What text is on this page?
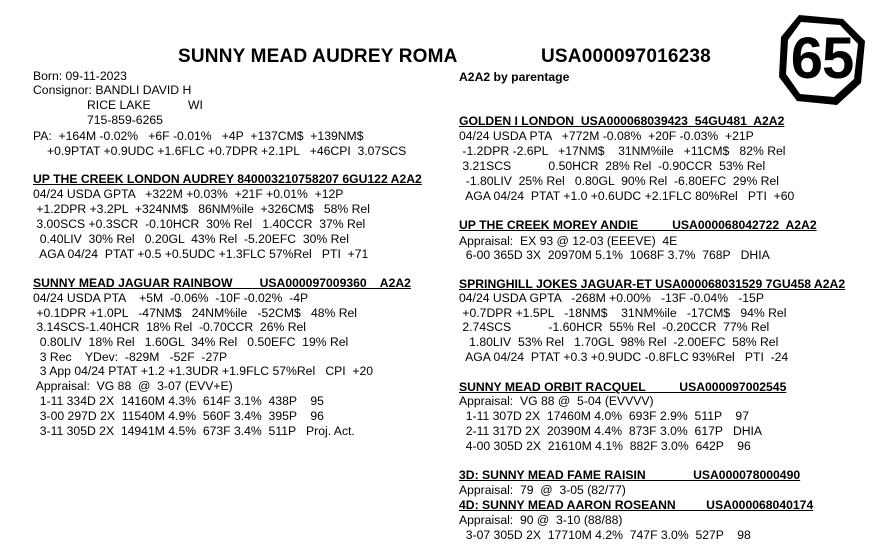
SUNNY MEAD AUDREY ROMA	USA000097016238 65
Born: 09-11-2023
Consignor: BANDLI DAVID H
RICE LAKE	WI
715-859-6265
PA:  +164M -0.02%   +6F -0.01%   +4P  +137CM$  +139NM$
+0.9PTAT +0.9UDC +1.6FLC +0.7DPR +2.1PL   +46CPI  3.07SCS
UP THE CREEK LONDON AUDREY 840003210758207 6GU122 A2A2
04/24 USDA GPTA   +322M +0.03%  +21F +0.01%  +12P
+1.2DPR +3.2PL  +324NM$   86NM%ile  +326CM$   58% Rel
3.00SCS +0.3SCR  -0.10HCR  30% Rel   1.40CCR  37% Rel
0.40LIV  30% Rel   0.20GL  43% Rel  -5.20EFC  30% Rel
AGA 04/24  PTAT +0.5 +0.5UDC +1.3FLC 57%Rel   PTI  +71
SUNNY MEAD JAGUAR RAINBOW        USA000097009360    A2A2
04/24 USDA PTA    +5M  -0.06%  -10F -0.02%  -4P
+0.1DPR +1.0PL   -47NM$   24NM%ile   -52CM$   48% Rel
3.14SCS-1.40HCR  18% Rel  -0.70CCR  26% Rel
0.80LIV  18% Rel   1.60GL  34% Rel   0.50EFC  19% Rel
3 Rec    YDev:  -829M   -52F  -27P
3 App 04/24 PTAT +1.2 +1.3UDR +1.9FLC 57%Rel   CPI  +20
Appraisal:  VG 88  @  3-07 (EVV+E)
1-11 334D 2X  14160M 4.3%  614F 3.1%  438P    95
3-00 297D 2X  11540M 4.9%  560F 3.4%  395P    96
3-11 305D 2X  14941M 4.5%  673F 3.4%  511P   Proj. Act.
A2A2 by parentage
GOLDEN I LONDON  USA000068039423  54GU481  A2A2
04/24 USDA PTA   +772M -0.08%  +20F -0.03%  +21P
-1.2DPR -2.6PL   +17NM$    31NM%ile   +11CM$   82% Rel
3.21SCS           0.50HCR  28% Rel  -0.90CCR  53% Rel
-1.80LIV  25% Rel   0.80GL  90% Rel  -6.80EFC  29% Rel
AGA 04/24  PTAT +1.0 +0.6UDC +2.1FLC 80%Rel   PTI  +60
UP THE CREEK MOREY ANDIE          USA000068042722  A2A2
Appraisal:  EX 93 @ 12-03 (EEEVE)  4E
6-00 365D 3X  20970M 5.1%  1068F 3.7%  768P   DHIA
SPRINGHILL JOKES JAGUAR-ET USA000068031529 7GU458 A2A2
04/24 USDA GPTA   -268M +0.00%   -13F -0.04%   -15P
+0.7DPR +1.5PL   -18NM$    31NM%ile   -17CM$   94% Rel
2.74SCS           -1.60HCR  55% Rel  -0.20CCR  77% Rel
1.80LIV  53% Rel   1.70GL  98% Rel  -2.00EFC  58% Rel
AGA 04/24  PTAT +0.3 +0.9UDC -0.8FLC 93%Rel   PTI  -24
SUNNY MEAD ORBIT RACQUEL          USA000097002545
Appraisal:  VG 88 @  5-04 (EVVVV)
1-11 307D 2X  17460M 4.0%  693F 2.9%  511P    97
2-11 317D 2X  20390M 4.4%  873F 3.0%  617P   DHIA
4-00 305D 2X  21610M 4.1%  882F 3.0%  642P    96
3D: SUNNY MEAD FAME RAISIN              USA000078000490
Appraisal:  79  @  3-05 (82/77)
4D: SUNNY MEAD AARON ROSEANN         USA000068040174
Appraisal:  90 @  3-10 (88/88)
3-07 305D 2X  17710M 4.2%  747F 3.0%  527P    98
